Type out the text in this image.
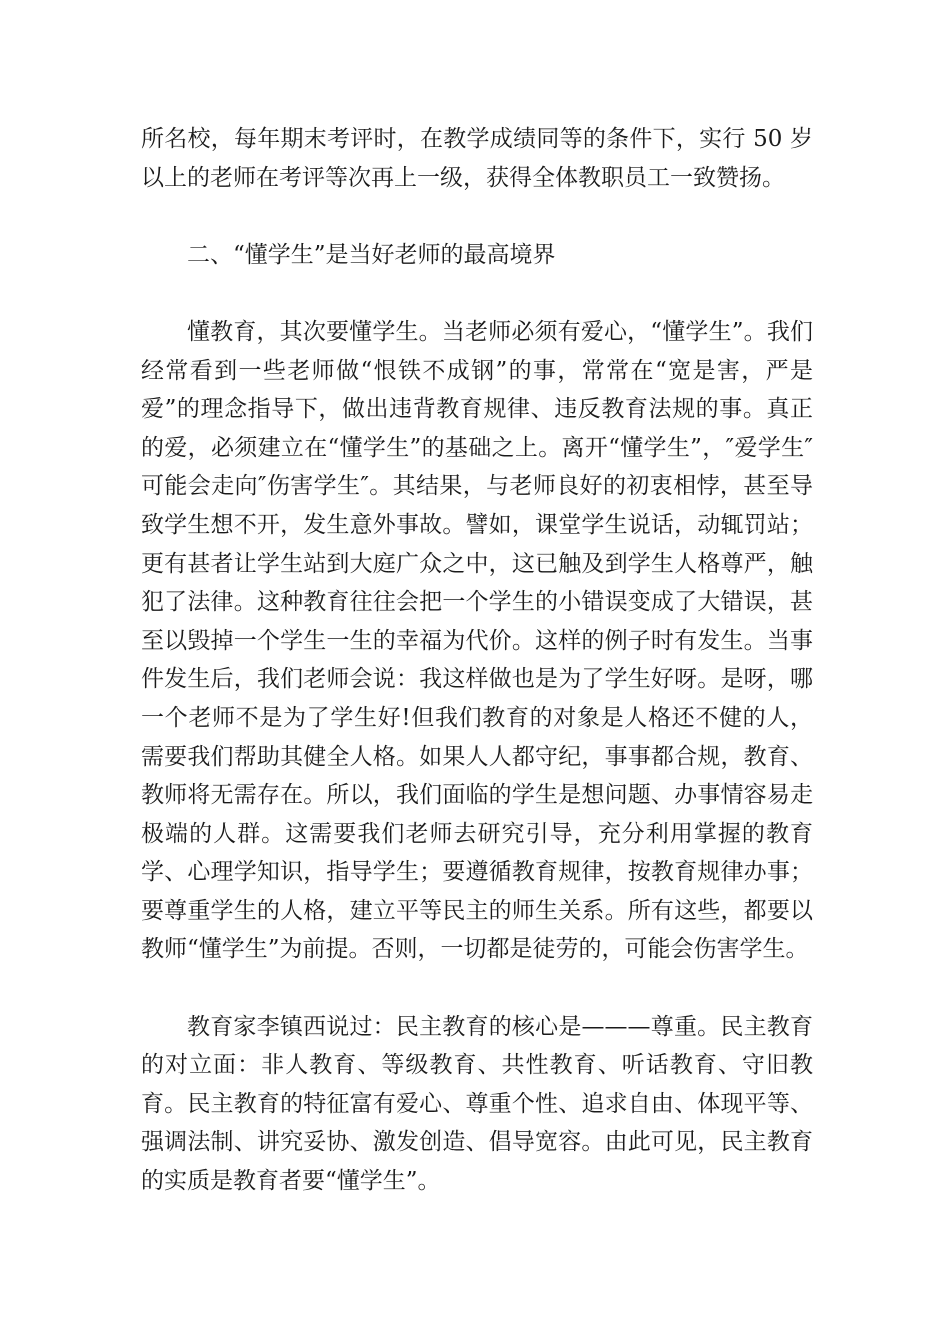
所名校，每年期末考评时，在教学成绩同等的条件下，实行 50 岁以上的老师在考评等次再上一级，获得全体教职员工一致赞扬。

二、“懂学生”是当好老师的最高境界

懂教育，其次要懂学生。当老师必须有爱心，“懂学生”。我们经常看到一些老师做“恨铁不成钢”的事，常常在“宽是害，严是爱”的理念指导下，做出违背教育规律、违反教育法规的事。真正的爱，必须建立在“懂学生”的基础之上。离开“懂学生”，″爱学生″可能会走向″伤害学生″。其结果，与老师良好的初衷相悖，甚至导致学生想不开，发生意外事故。譬如，课堂学生说话，动辄罚站；更有甚者让学生站到大庭广众之中，这已触及到学生人格尊严，触犯了法律。这种教育往往会把一个学生的小错误变成了大错误，甚至以毁掉一个学生一生的幸福为代价。这样的例子时有发生。当事件发生后，我们老师会说：我这样做也是为了学生好呀。是呀，哪一个老师不是为了学生好!但我们教育的对象是人格还不健的人，需要我们帮助其健全人格。如果人人都守纪，事事都合规，教育、教师将无需存在。所以，我们面临的学生是想问题、办事情容易走极端的人群。这需要我们老师去研究引导，充分利用掌握的教育学、心理学知识，指导学生；要遵循教育规律，按教育规律办事；要尊重学生的人格，建立平等民主的师生关系。所有这些，都要以教师“懂学生”为前提。否则，一切都是徒劳的，可能会伤害学生。

教育家李镇西说过：民主教育的核心是———尊重。民主教育的对立面：非人教育、等级教育、共性教育、听话教育、守旧教育。民主教育的特征富有爱心、尊重个性、追求自由、体现平等、强调法制、讲究妥协、激发创造、倡导宽容。由此可见，民主教育的实质是教育者要“懂学生”。
